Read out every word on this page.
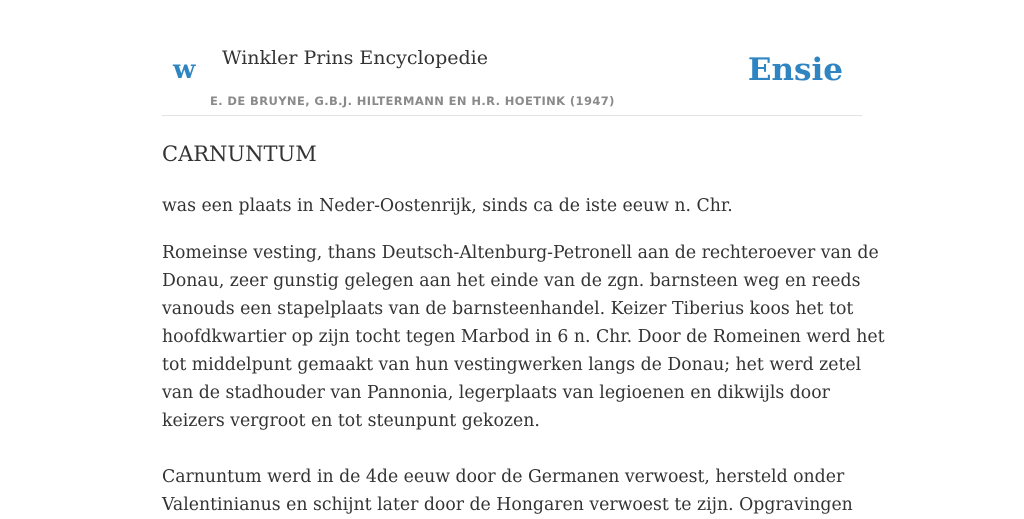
w Winkler Prins Encyclopedie
E. DE BRUYNE, G.B.J. HILTERMANN EN H.R. HOETINK (1947)
Ensie
CARNUNTUM

was een plaats in Neder-Oostenrijk, sinds ca de iste eeuw n. Chr.

Romeinse vesting, thans Deutsch-Altenburg-Petronell aan de rechteroever van de
Donau, zeer gunstig gelegen aan het einde van de zgn. barnsteen weg en reeds
vanouds een stapelplaats van de barnsteenhandel. Keizer Tiberius koos het tot
hoofdkwartier op zijn tocht tegen Marbod in 6 n. Chr. Door de Romeinen werd het
tot middelpunt gemaakt van hun vestingwerken langs de Donau; het werd zetel
van de stadhouder van Pannonia, legerplaats van legioenen en dikwijls door
keizers vergroot en tot steunpunt gekozen.

Carnuntum werd in de 4de eeuw door de Germanen verwoest, hersteld onder
Valentinianus en schijnt later door de Hongaren verwoest te zijn. Opgravingen
